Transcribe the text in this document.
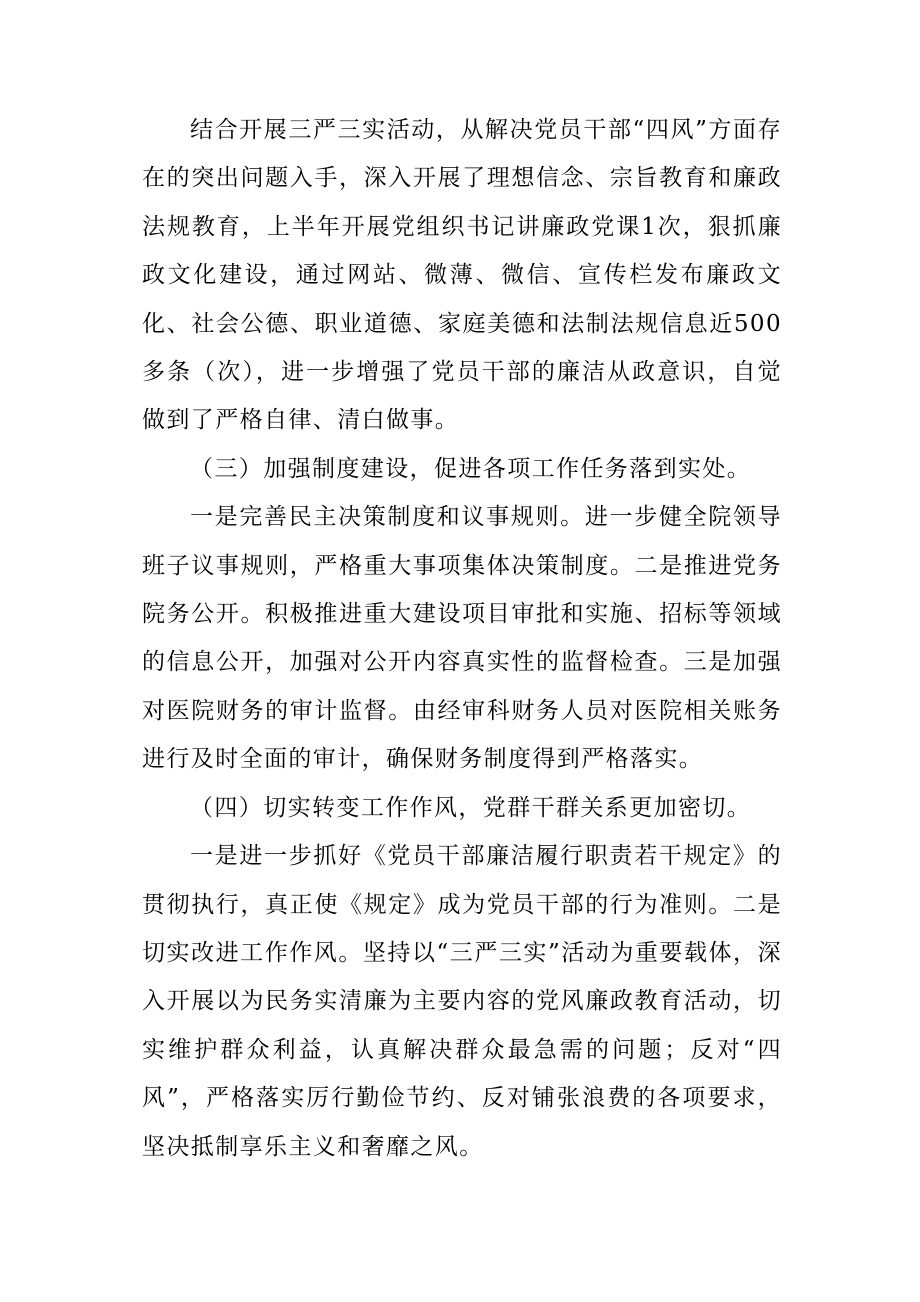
结合开展三严三实活动，从解决党员干部“四风”方面存在的突出问题入手，深入开展了理想信念、宗旨教育和廉政法规教育，上半年开展党组织书记讲廉政党课1次，狠抓廉政文化建设，通过网站、微薄、微信、宣传栏发布廉政文化、社会公德、职业道德、家庭美德和法制法规信息近500多条（次），进一步增强了党员干部的廉洁从政意识，自觉做到了严格自律、清白做事。

（三）加强制度建设，促进各项工作任务落到实处。

一是完善民主决策制度和议事规则。进一步健全院领导班子议事规则，严格重大事项集体决策制度。二是推进党务院务公开。积极推进重大建设项目审批和实施、招标等领域的信息公开，加强对公开内容真实性的监督检查。三是加强对医院财务的审计监督。由经审科财务人员对医院相关账务进行及时全面的审计，确保财务制度得到严格落实。

（四）切实转变工作作风，党群干群关系更加密切。

一是进一步抓好《党员干部廉洁履行职责若干规定》的贯彻执行，真正使《规定》成为党员干部的行为准则。二是切实改进工作作风。坚持以“三严三实”活动为重要载体，深入开展以为民务实清廉为主要内容的党风廉政教育活动，切实维护群众利益，认真解决群众最急需的问题；反对“四风”，严格落实厉行勤俭节约、反对铺张浪费的各项要求，坚决抵制享乐主义和奢靡之风。
